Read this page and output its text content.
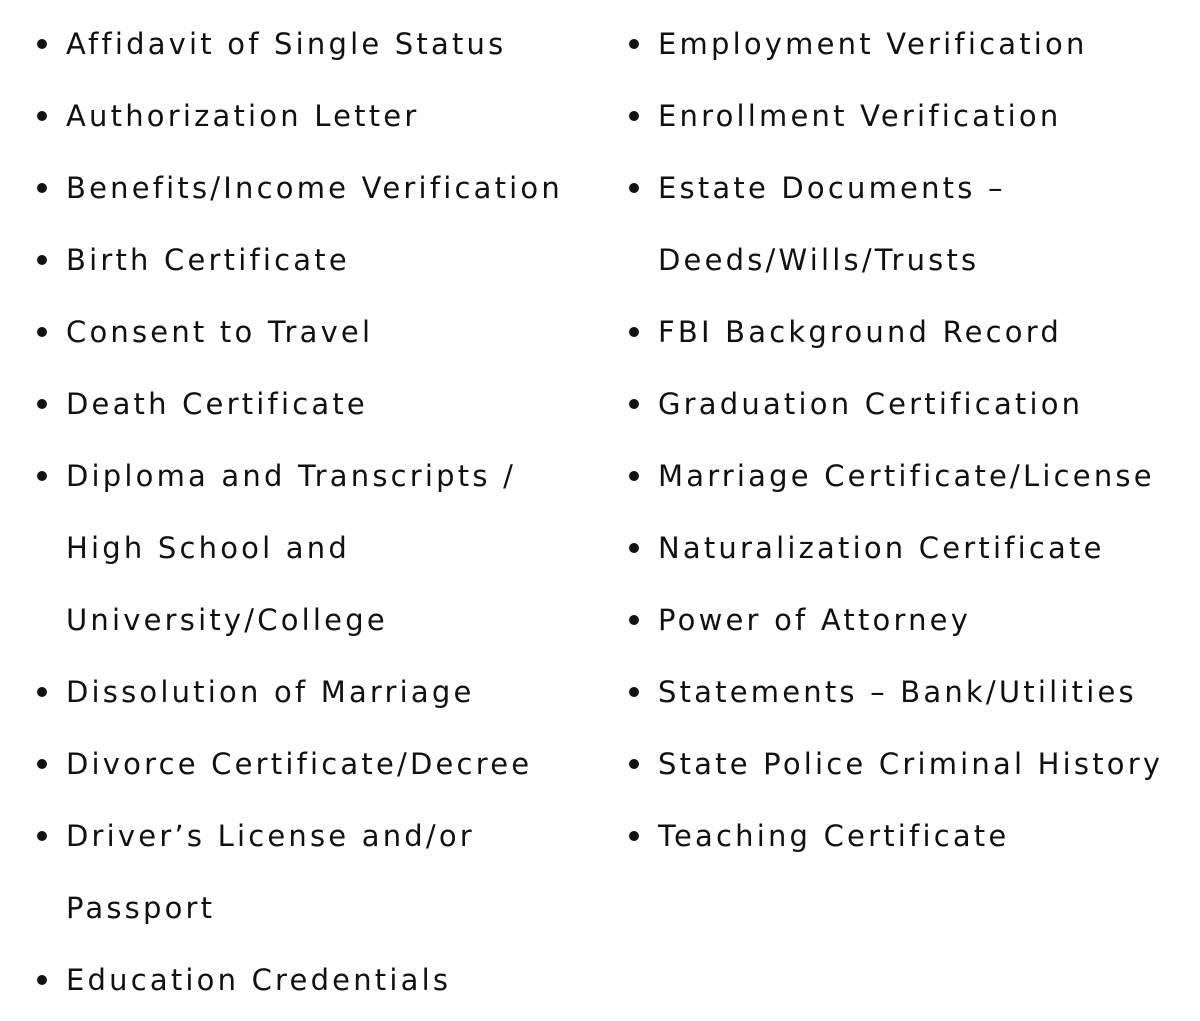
Affidavit of Single Status
Authorization Letter
Benefits/Income Verification
Birth Certificate
Consent to Travel
Death Certificate
Diploma and Transcripts /
High School and
University/College
Dissolution of Marriage
Divorce Certificate/Decree
Driver’s License and/or
Passport
Education Credentials
Employment Verification
Enrollment Verification
Estate Documents –
Deeds/Wills/Trusts
FBI Background Record
Graduation Certification
Marriage Certificate/License
Naturalization Certificate
Power of Attorney
Statements – Bank/Utilities
State Police Criminal History
Teaching Certificate
